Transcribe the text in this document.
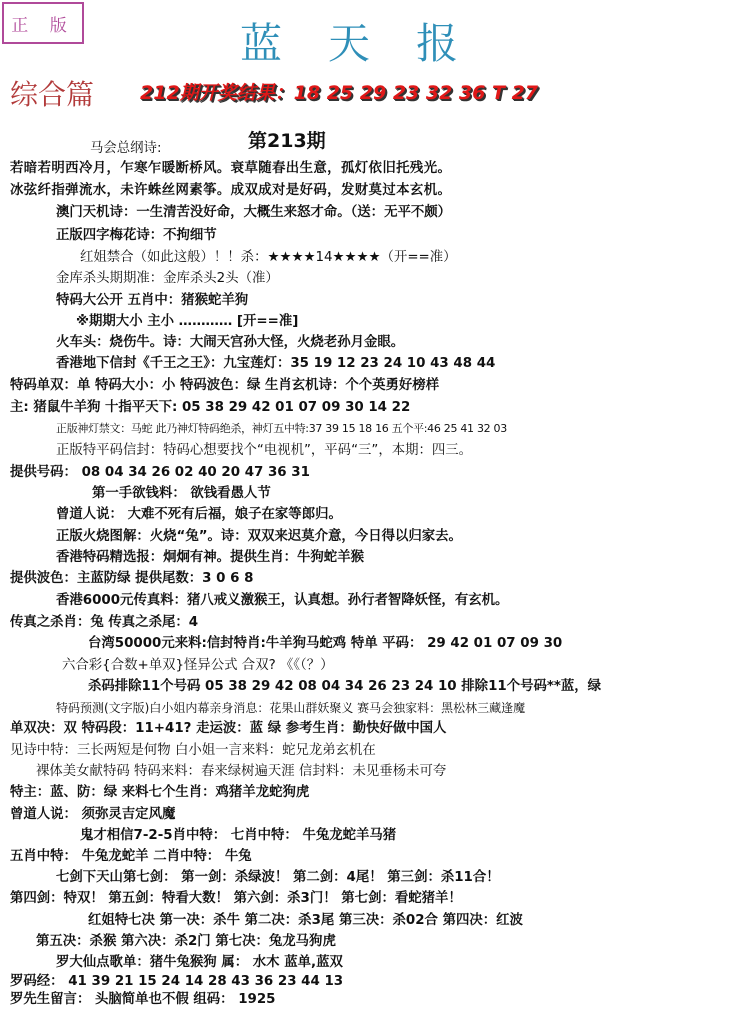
正 版	蓝天报
综合篇 212期开奖结果：18 25 29 23 32 36 T 27
第213期
马会总纲诗:
若暗若明西冷月，乍寒乍暖断桥风。衰草随春出生意，孤灯依旧托残光。
冰弦纤指弹流水，未许蛛丝网素筝。成双成对是好码，发财莫过本玄机。
澳门天机诗：一生清苦没好命，大概生来怒才命。（送：无平不颇）
正版四字梅花诗：不拘细节
红姐禁合（如此这般）！！杀：★★★★14★★★★（开==准）
金库杀头期期准：金库杀头2头（准）
特码大公开 五肖中：猪猴蛇羊狗
※期期大小 主小 ………… [开==准]
火车头：烧伤牛。诗：大闹天宫孙大怪，火烧老孙月金眼。
香港地下信封《千王之王》：九宝莲灯：35 19 12 23 24 10 43 48 44
特码单双：单 特码大小：小 特码波色：绿 生肖玄机诗：个个英勇好榜样
主: 猪鼠牛羊狗 十指平天下: 05 38 29 42 01 07 09 30 14 22
正版神灯禁文：马蛇 此乃神灯特码绝杀，神灯五中特:37 39 15 18 16 五个平:46 25 41 32 03
正版特平码信封：特码心想要找个“电视机”，平码“三”，本期：四三。
提供号码： 08 04 34 26 02 40 20 47 36 31
第一手欲钱料： 欲钱看愚人节
曾道人说： 大难不死有后福，娘子在家等郎归。
正版火烧图解：火烧“兔”。诗：双双来迟莫介意，今日得以归家去。
香港特码精选报：炯炯有神。提供生肖：牛狗蛇羊猴
提供波色：主蓝防绿 提供尾数：3 0 6 8
香港6000元传真料：猪八戒义激猴王，认真想。孙行者智降妖怪，有玄机。
传真之杀肖：兔 传真之杀尾：4
台湾50000元来料:信封特肖:牛羊狗马蛇鸡 特单 平码： 29 42 01 07 09 30
六合彩{合数+单双}怪异公式 合双? 《《（？）
杀码排除11个号码 05 38 29 42 08 04 34 26 23 24 10 排除11个号码**蓝，绿
特码预测(文字版)白小姐内幕亲身消息：花果山群妖聚义 赛马会独家料：黑松林三藏逢魔
单双决：双 特码段：11+41? 走运波：蓝 绿 参考生肖：勤快好做中国人
见诗中特：三长两短是何物 白小姐一言来料：蛇兄龙弟玄机在
裸体美女献特码 特码来料：春来绿树遍天涯 信封料：未见垂杨未可夸
特主：蓝、防：绿 来料七个生肖：鸡猪羊龙蛇狗虎
曾道人说： 须弥灵吉定风魔
鬼才相信7-2-5肖中特： 七肖中特： 牛兔龙蛇羊马猪
五肖中特： 牛兔龙蛇羊 二肖中特： 牛兔
七剑下天山第七剑： 第一剑：杀绿波！ 第二剑：4尾！ 第三剑：杀11合！
第四剑：特双！ 第五剑：特看大数！ 第六剑：杀3门！ 第七剑：看蛇猪羊！
红姐特七决 第一决：杀牛 第二决：杀3尾 第三决：杀02合 第四决：红波
第五决：杀猴 第六决：杀2门 第七决：兔龙马狗虎
罗大仙点歌单：猪牛兔猴狗 属： 水木 蓝单,蓝双
罗码经： 41 39 21 15 24 14 28 43 36 23 44 13
罗先生留言： 头脑简单也不假 组码： 1925
